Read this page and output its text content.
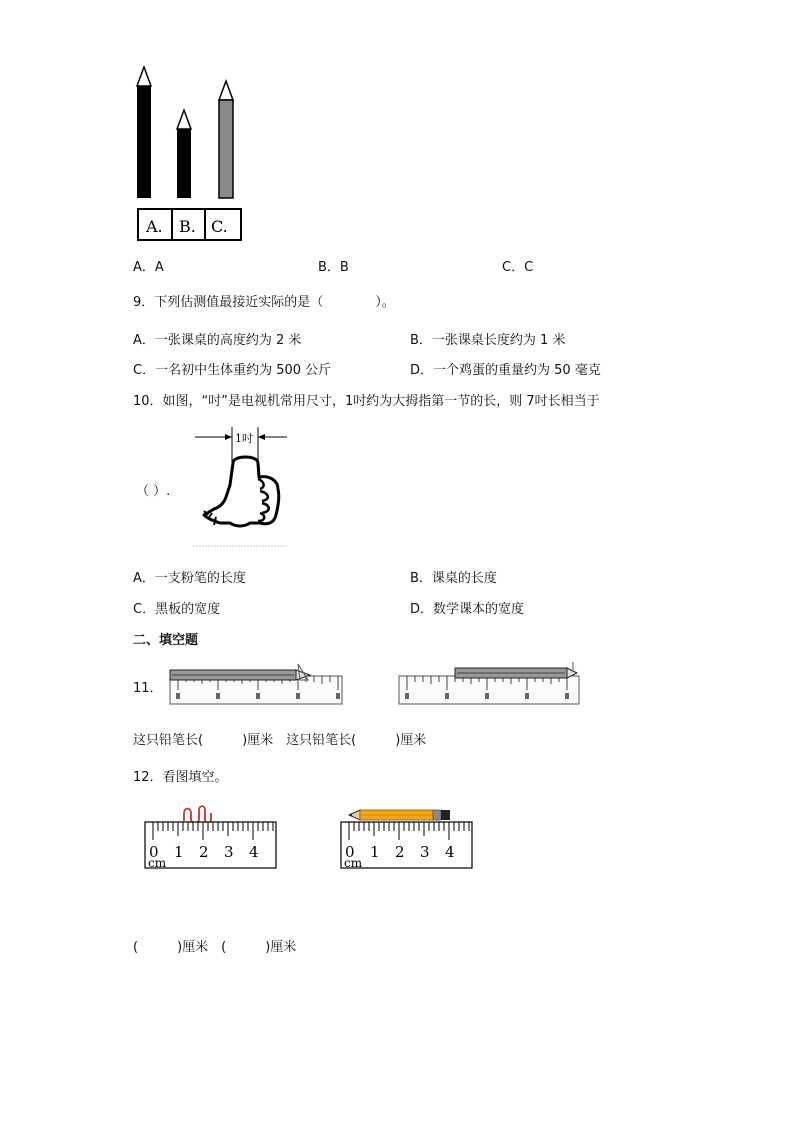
A. B. C.
A．A	B．B	C．C
9．下列估测值最接近实际的是（　　　　）。
A．一张课桌的高度约为 2 米	B．一张课桌长度约为 1 米
C．一名初中生体重约为 500 公斤	D．一个鸡蛋的重量约为 50 毫克
10．如图，“吋”是电视机常用尺寸，1吋约为大拇指第一节的长，则 7吋长相当于
（ ）.
1吋
A．一支粉笔的长度	B．课桌的长度
C．黑板的宽度	D．数学课本的宽度
二、填空题
11．
这只铅笔长(　　　)厘米　这只铅笔长(　　　)厘米
12．看图填空。
0 1 2 3 4
cm
0 1 2 3 4
cm
(　　　)厘米　(　　　)厘米
